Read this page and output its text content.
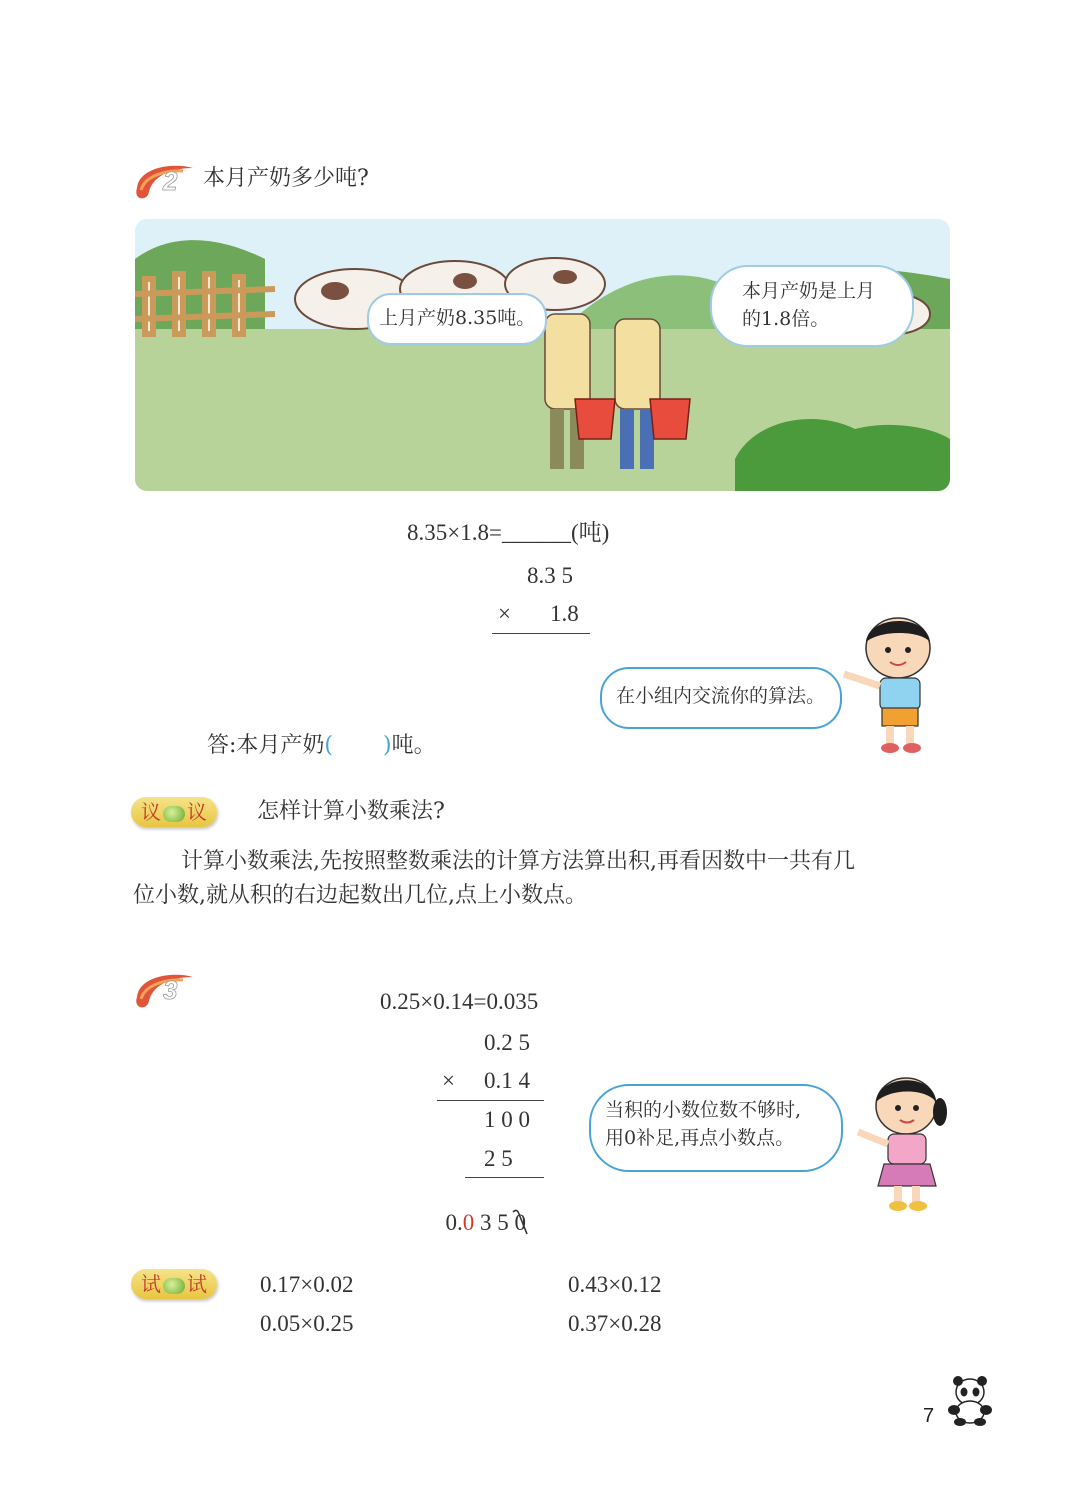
2 本月产奶多少吨?
上月产奶8.35吨。
本月产奶是上月
的1.8倍。
8.35×1.8=______(吨)
8.3 5
× 1.8
在小组内交流你的算法。
答:本月产奶( )吨。
议 议	怎样计算小数乘法?
计算小数乘法,先按照整数乘法的计算方法算出积,再看因数中一共有几
位小数,就从积的右边起数出几位,点上小数点。
3	0.25×0.14=0.035
0.2 5
× 0.1 4
1 0 0
2 5

0.0 3 5 0

当积的小数位数不够时,
用0补足,再点小数点。
试 试	0.17×0.02	0.43×0.12
0.05×0.25	0.37×0.28
7
